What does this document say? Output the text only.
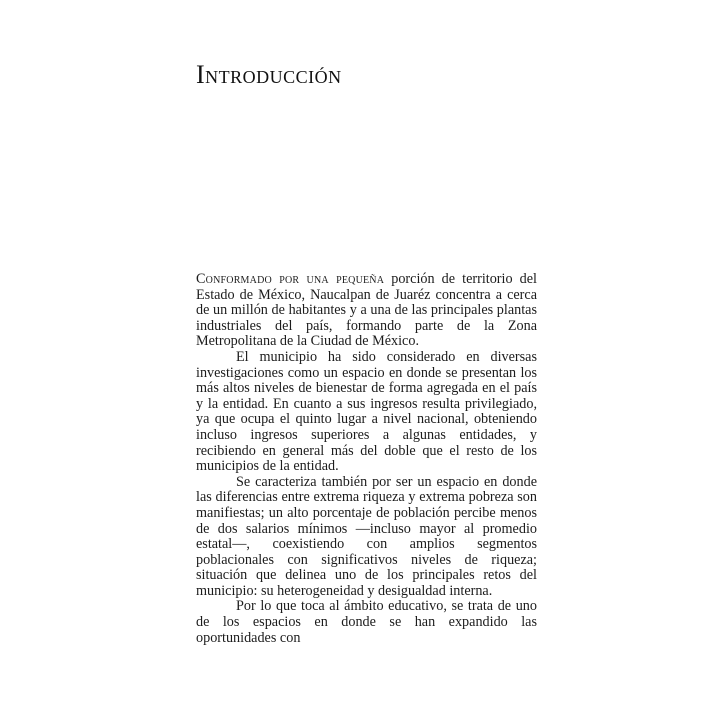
Introducción

Conformado por una pequeña porción de territorio del Estado de México, Naucalpan de Juaréz concentra a cerca de un millón de habitantes y a una de las principales plantas industriales del país, formando parte de la Zona Metropolitana de la Ciudad de México.

El municipio ha sido considerado en diversas investigaciones como un espacio en donde se presentan los más altos niveles de bienestar de forma agregada en el país y la entidad. En cuanto a sus ingresos resulta privilegiado, ya que ocupa el quinto lugar a nivel nacional, obteniendo incluso ingresos superiores a algunas entidades, y recibiendo en general más del doble que el resto de los municipios de la entidad.

Se caracteriza también por ser un espacio en donde las diferencias entre extrema riqueza y extrema pobreza son manifiestas; un alto porcentaje de población percibe menos de dos salarios mínimos —incluso mayor al promedio estatal—, coexistiendo con amplios segmentos poblacionales con significativos niveles de riqueza; situación que delinea uno de los principales retos del municipio: su heterogeneidad y desigualdad interna.

Por lo que toca al ámbito educativo, se trata de uno de los espacios en donde se han expandido las oportunidades con
